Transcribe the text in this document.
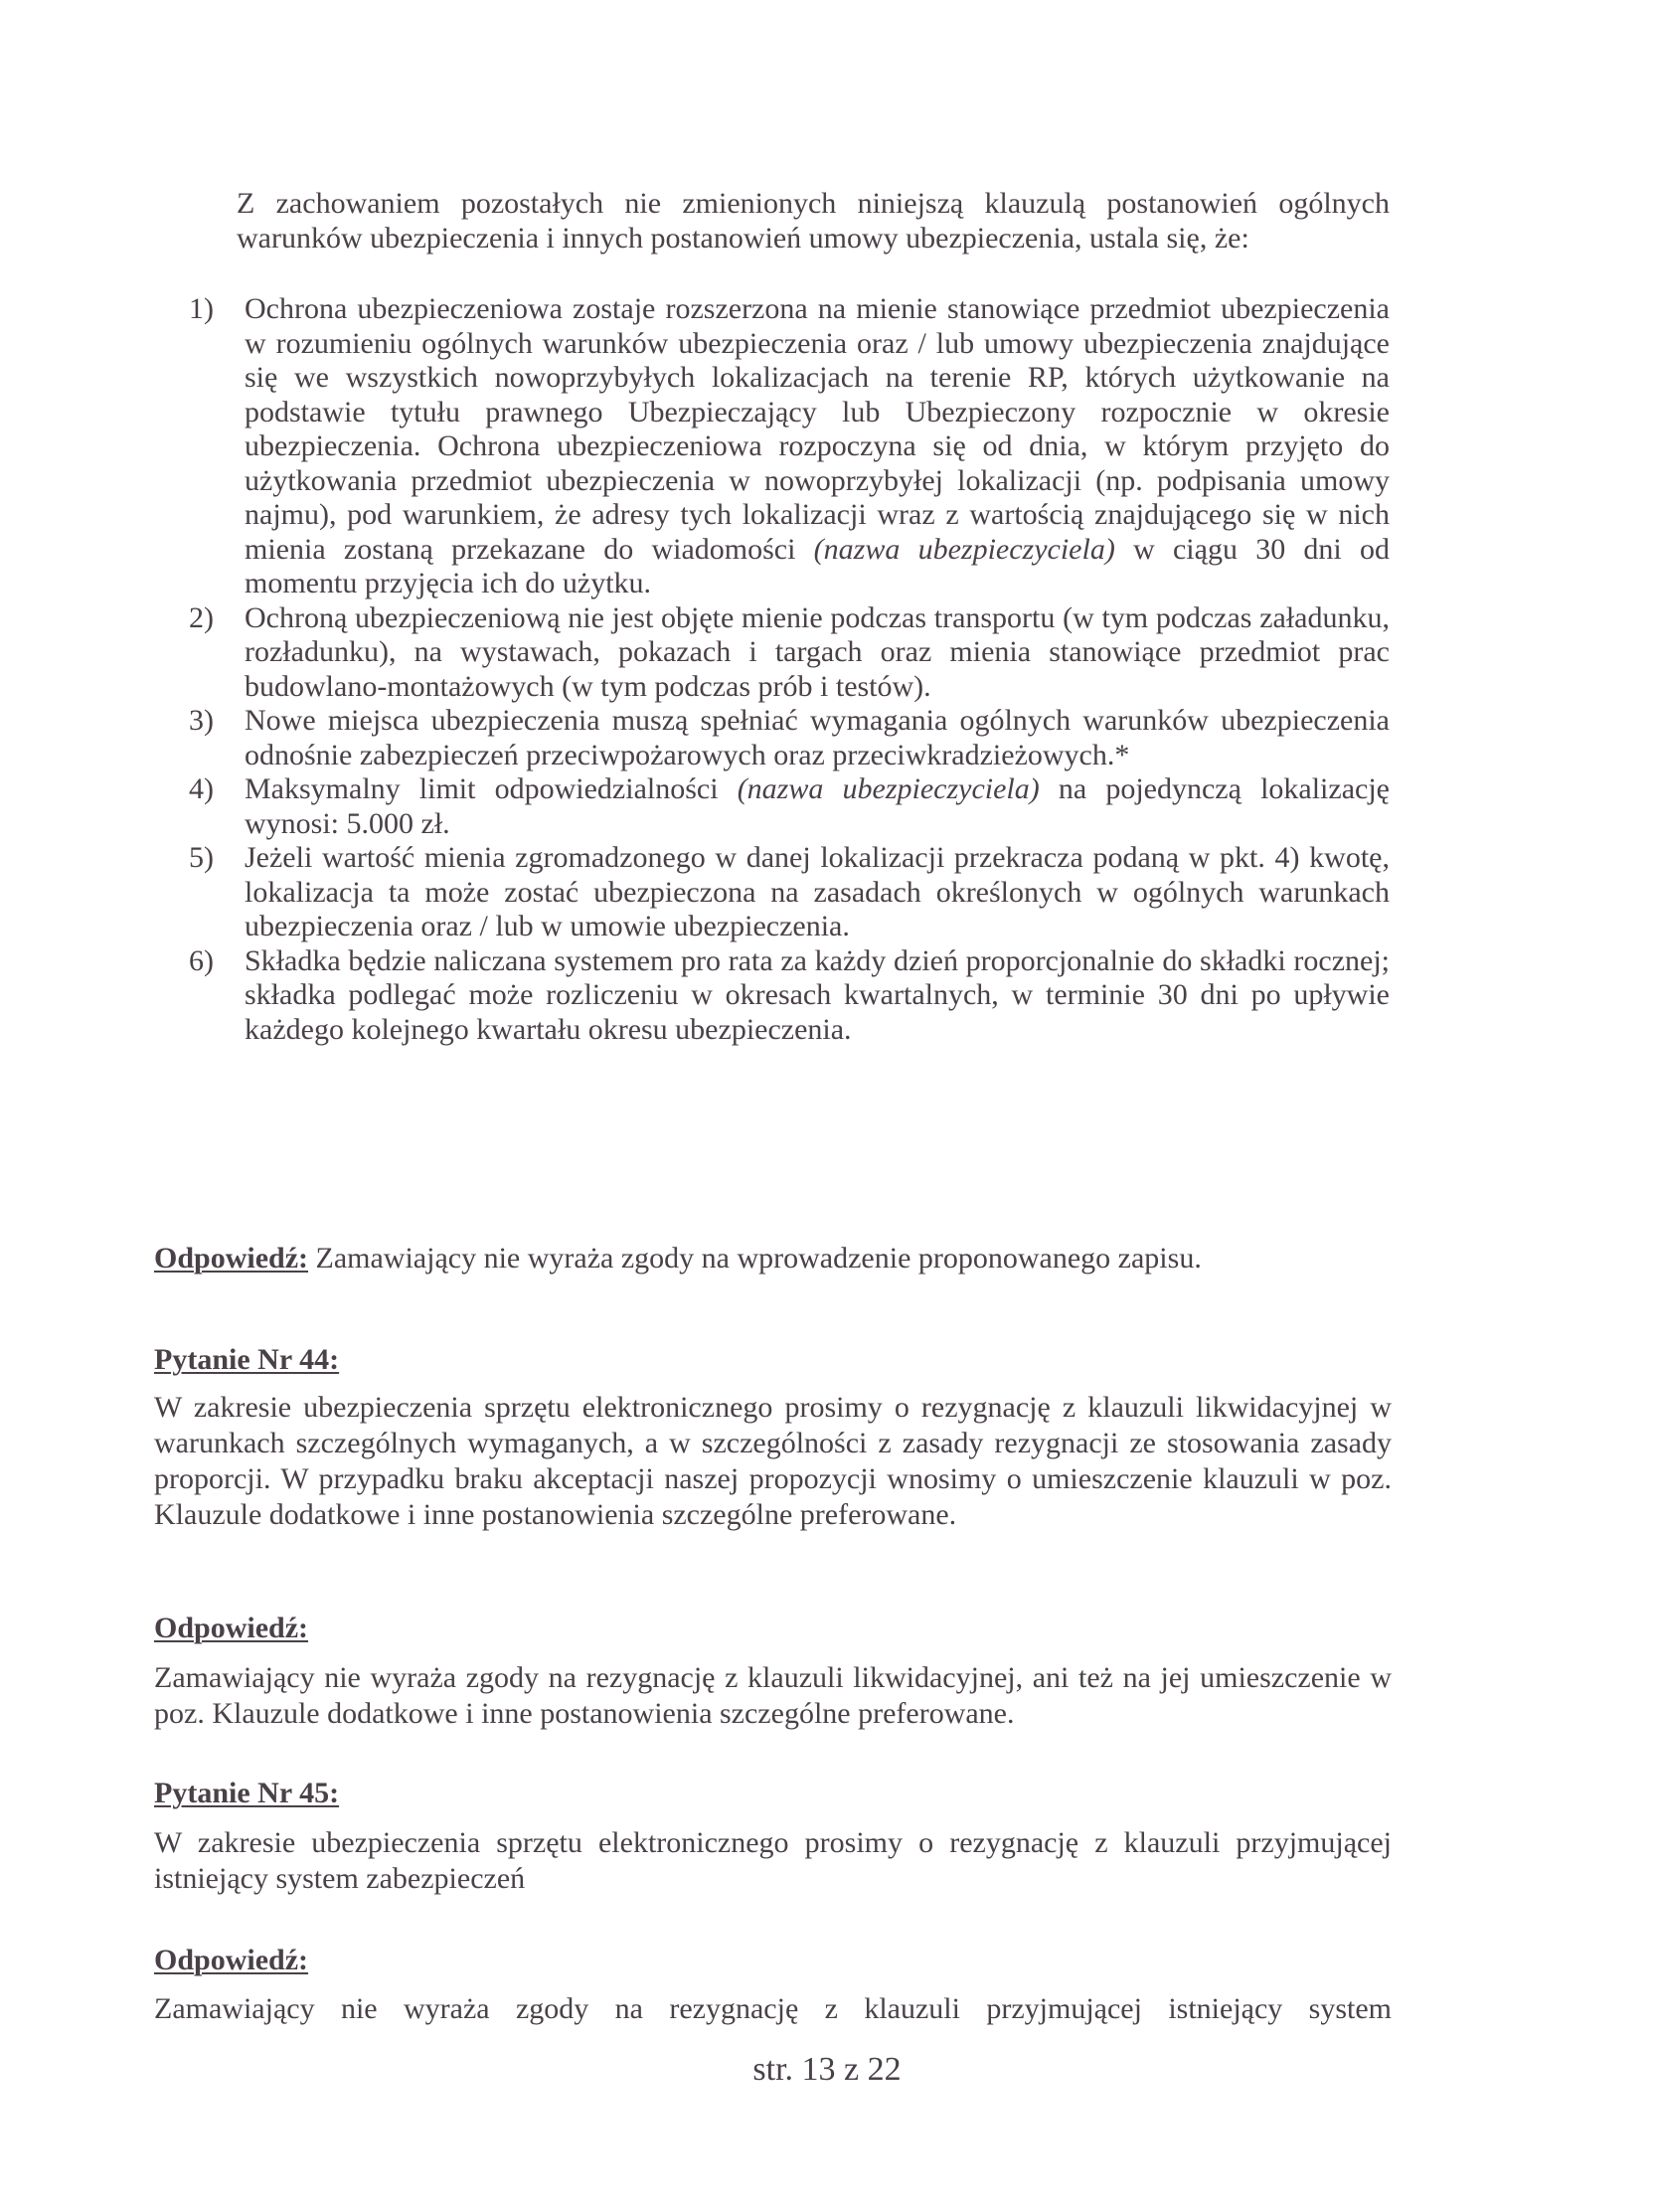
Z zachowaniem pozostałych nie zmienionych niniejszą klauzulą postanowień ogólnych warunków ubezpieczenia i innych postanowień umowy ubezpieczenia, ustala się, że:
1) Ochrona ubezpieczeniowa zostaje rozszerzona na mienie stanowiące przedmiot ubezpieczenia w rozumieniu ogólnych warunków ubezpieczenia oraz / lub umowy ubezpieczenia znajdujące się we wszystkich nowoprzybyłych lokalizacjach na terenie RP, których użytkowanie na podstawie tytułu prawnego Ubezpieczający lub Ubezpieczony rozpocznie w okresie ubezpieczenia. Ochrona ubezpieczeniowa rozpoczyna się od dnia, w którym przyjęto do użytkowania przedmiot ubezpieczenia w nowoprzybyłej lokalizacji (np. podpisania umowy najmu), pod warunkiem, że adresy tych lokalizacji wraz z wartością znajdującego się w nich mienia zostaną przekazane do wiadomości (nazwa ubezpieczyciela) w ciągu 30 dni od momentu przyjęcia ich do użytku.
2) Ochroną ubezpieczeniową nie jest objęte mienie podczas transportu (w tym podczas załadunku, rozładunku), na wystawach, pokazach i targach oraz mienia stanowiące przedmiot prac budowlano-montażowych (w tym podczas prób i testów).
3) Nowe miejsca ubezpieczenia muszą spełniać wymagania ogólnych warunków ubezpieczenia odnośnie zabezpieczeń przeciwpożarowych oraz przeciwkradzieżowych.*
4) Maksymalny limit odpowiedzialności (nazwa ubezpieczyciela) na pojedynczą lokalizację wynosi: 5.000 zł.
5) Jeżeli wartość mienia zgromadzonego w danej lokalizacji przekracza podaną w pkt. 4) kwotę, lokalizacja ta może zostać ubezpieczona na zasadach określonych w ogólnych warunkach ubezpieczenia oraz / lub w umowie ubezpieczenia.
6) Składka będzie naliczana systemem pro rata za każdy dzień proporcjonalnie do składki rocznej; składka podlegać może rozliczeniu w okresach kwartalnych, w terminie 30 dni po upływie każdego kolejnego kwartału okresu ubezpieczenia.
Odpowiedź: Zamawiający nie wyraża zgody na wprowadzenie proponowanego zapisu.
Pytanie Nr 44:
W zakresie ubezpieczenia sprzętu elektronicznego prosimy o rezygnację z klauzuli likwidacyjnej w warunkach szczególnych wymaganych, a w szczególności z zasady rezygnacji ze stosowania zasady proporcji. W przypadku braku akceptacji naszej propozycji wnosimy o umieszczenie klauzuli w poz. Klauzule dodatkowe i inne postanowienia szczególne preferowane.
Odpowiedź:
Zamawiający nie wyraża zgody na rezygnację z klauzuli likwidacyjnej, ani też na jej umieszczenie w poz. Klauzule dodatkowe i inne postanowienia szczególne preferowane.
Pytanie Nr 45:
W zakresie ubezpieczenia sprzętu elektronicznego prosimy o rezygnację z klauzuli przyjmującej istniejący system zabezpieczeń
Odpowiedź:
Zamawiający nie wyraża zgody na rezygnację z klauzuli przyjmującej istniejący system
str. 13 z 22
